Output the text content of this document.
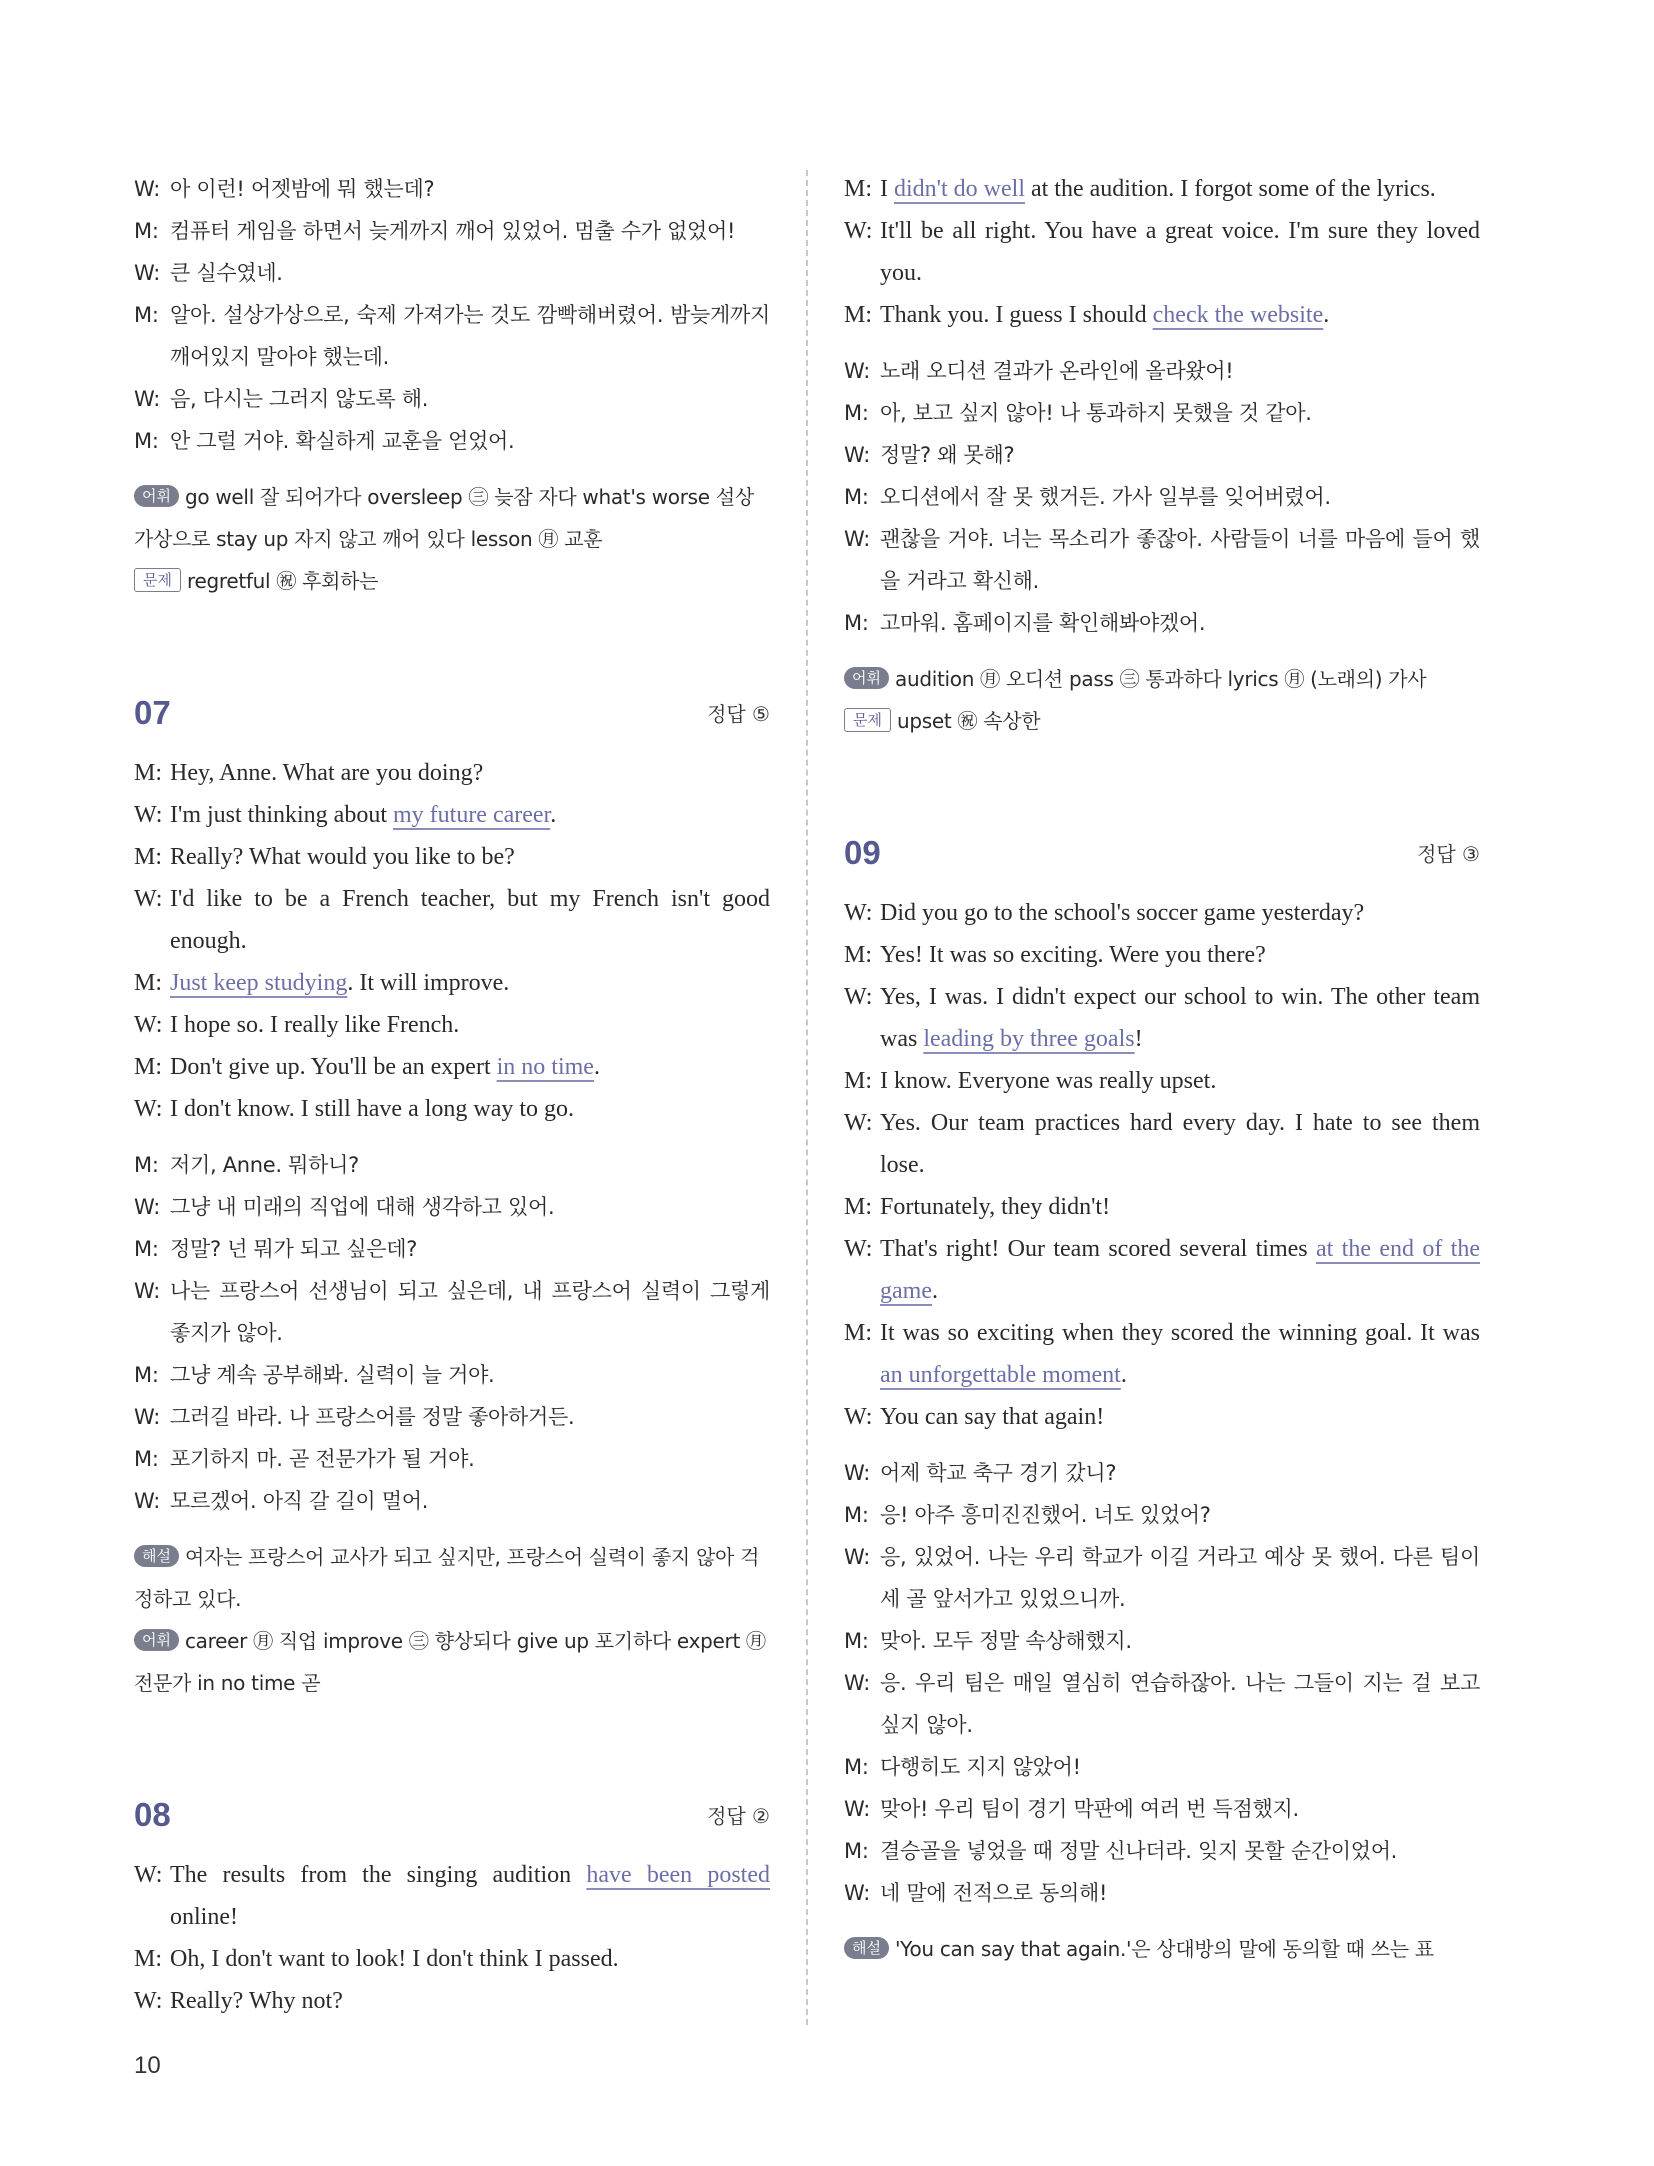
W: 아 이런! 어젯밤에 뭐 했는데?
M: 컴퓨터 게임을 하면서 늦게까지 깨어 있었어. 멈출 수가 없었어!
W: 큰 실수였네.
M: 알아. 설상가상으로, 숙제 가져가는 것도 깜빡해버렸어. 밤늦게까지 깨어있지 말아야 했는데.
W: 음, 다시는 그러지 않도록 해.
M: 안 그럴 거야. 확실하게 교훈을 얻었어.
어휘 go well 잘 되어가다 oversleep ㊂ 늦잠 자다 what's worse 설상가상으로 stay up 자지 않고 깨어 있다 lesson ㊊ 교훈
문제 regretful ㊗ 후회하는
07	정답 ⑤
M: Hey, Anne. What are you doing?
W: I'm just thinking about my future career.
M: Really? What would you like to be?
W: I'd like to be a French teacher, but my French isn't good enough.
M: Just keep studying. It will improve.
W: I hope so. I really like French.
M: Don't give up. You'll be an expert in no time.
W: I don't know. I still have a long way to go.
M: 저기, Anne. 뭐하니?
W: 그냥 내 미래의 직업에 대해 생각하고 있어.
M: 정말? 넌 뭐가 되고 싶은데?
W: 나는 프랑스어 선생님이 되고 싶은데, 내 프랑스어 실력이 그렇게 좋지가 않아.
M: 그냥 계속 공부해봐. 실력이 늘 거야.
W: 그러길 바라. 나 프랑스어를 정말 좋아하거든.
M: 포기하지 마. 곧 전문가가 될 거야.
W: 모르겠어. 아직 갈 길이 멀어.
해설 여자는 프랑스어 교사가 되고 싶지만, 프랑스어 실력이 좋지 않아 걱정하고 있다.
어휘 career ㊊ 직업 improve ㊂ 향상되다 give up 포기하다 expert ㊊ 전문가 in no time 곧
08	정답 ②
W: The results from the singing audition have been posted online!
M: Oh, I don't want to look! I don't think I passed.
W: Really? Why not?
M: I didn't do well at the audition. I forgot some of the lyrics.
W: It'll be all right. You have a great voice. I'm sure they loved you.
M: Thank you. I guess I should check the website.
W: 노래 오디션 결과가 온라인에 올라왔어!
M: 아, 보고 싶지 않아! 나 통과하지 못했을 것 같아.
W: 정말? 왜 못해?
M: 오디션에서 잘 못 했거든. 가사 일부를 잊어버렸어.
W: 괜찮을 거야. 너는 목소리가 좋잖아. 사람들이 너를 마음에 들어 했을 거라고 확신해.
M: 고마워. 홈페이지를 확인해봐야겠어.
어휘 audition ㊊ 오디션 pass ㊂ 통과하다 lyrics ㊊ (노래의) 가사 문제 upset ㊗ 속상한
09	정답 ③
W: Did you go to the school's soccer game yesterday?
M: Yes! It was so exciting. Were you there?
W: Yes, I was. I didn't expect our school to win. The other team was leading by three goals!
M: I know. Everyone was really upset.
W: Yes. Our team practices hard every day. I hate to see them lose.
M: Fortunately, they didn't!
W: That's right! Our team scored several times at the end of the game.
M: It was so exciting when they scored the winning goal. It was an unforgettable moment.
W: You can say that again!
W: 어제 학교 축구 경기 갔니?
M: 응! 아주 흥미진진했어. 너도 있었어?
W: 응, 있었어. 나는 우리 학교가 이길 거라고 예상 못 했어. 다른 팀이 세 골 앞서가고 있었으니까.
M: 맞아. 모두 정말 속상해했지.
W: 응. 우리 팀은 매일 열심히 연습하잖아. 나는 그들이 지는 걸 보고 싶지 않아.
M: 다행히도 지지 않았어!
W: 맞아! 우리 팀이 경기 막판에 여러 번 득점했지.
M: 결승골을 넣었을 때 정말 신나더라. 잊지 못할 순간이었어.
W: 네 말에 전적으로 동의해!
해설 'You can say that again.'은 상대방의 말에 동의할 때 쓰는 표
10
